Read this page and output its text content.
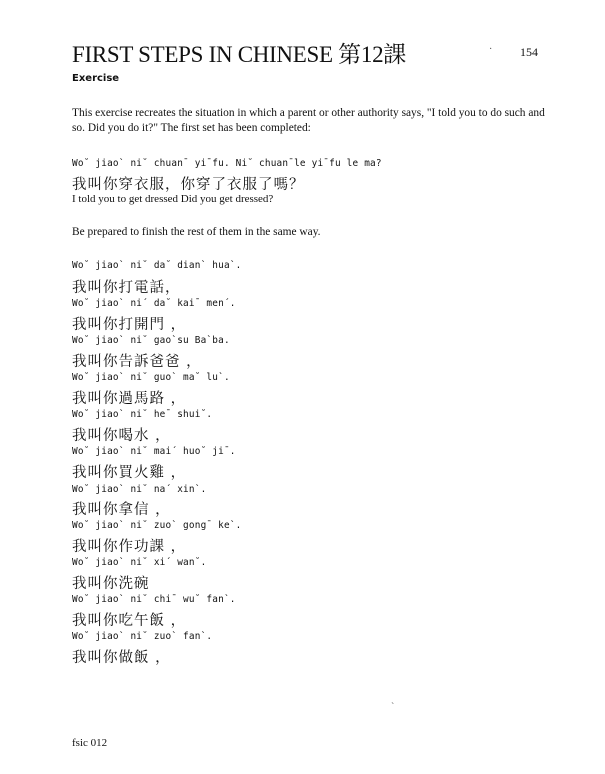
FIRST STEPS IN CHINESE 第12課	· 154
Exercise
This exercise recreates the situation in which a parent or other authority says, "I told you to do such and so. Did you do it?" The first set has been completed:
Wo˘ jiao` ni˘ chuan¯ yi¯fu. Ni˘ chuan¯le yi¯fu le ma?
我叫你穿衣服，你穿了衣服了嗎？
I told you to get dressed Did you get dressed?
Be prepared to finish the rest of them in the same way.
Wo˘ jiao` ni˘ da˘ dian` hua`.
我叫你打電話，
Wo˘ jiao` ni´ da˘ kai¯ men´.
我叫你打開門 ，
Wo˘ jiao` ni˘ gao`su Ba`ba.
我叫你告訴爸爸 ，
Wo˘ jiao` ni˘ guo` ma˘ lu`.
我叫你過馬路 ，
Wo˘ jiao` ni˘ he¯ shui˘.
我叫你喝水 ，
Wo˘ jiao` ni˘ mai´ huo˘ ji¯.
我叫你買火雞 ，
Wo˘ jiao` ni˘ na´ xin`.
我叫你拿信 ，
Wo˘ jiao` ni˘ zuo` gong¯ ke`.
我叫你作功課 ，
Wo˘ jiao` ni˘ xi´ wan˘.
我叫你洗碗
Wo˘ jiao` ni˘ chi¯ wu˘ fan`.
我叫你吃午飯 ，
Wo˘ jiao` ni˘ zuo` fan`.
我叫你做飯 ，
`
fsic 012
